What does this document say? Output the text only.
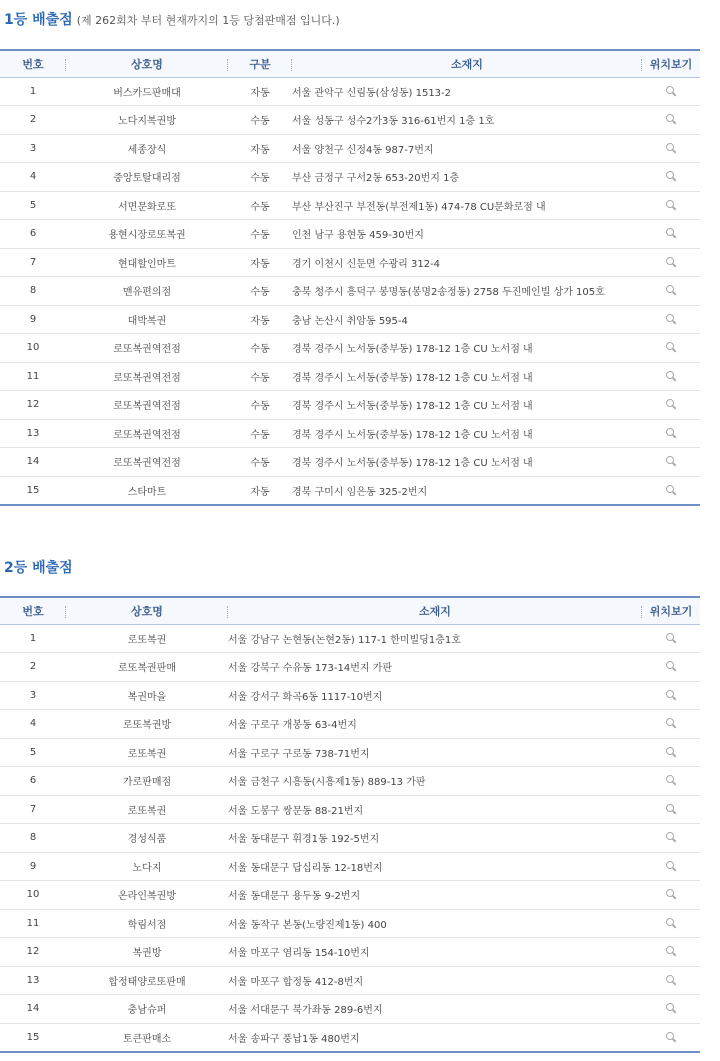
1등 배출점 (제 262회차 부터 현재까지의 1등 당첨판매점 입니다.)
번호	상호명	구분	소재지	위치보기
1	버스카드판매대	자동	서울 관악구 신림동(삼성동) 1513-2	

2	노다지복권방	수동	서울 성동구 성수2가3동 316-61번지 1층 1호	

3	세종장식	자동	서울 양천구 신정4동 987-7번지	

4	중앙토탈대리점	수동	부산 금정구 구서2동 653-20번지 1층	

5	서면문화로또	수동	부산 부산진구 부전동(부전제1동) 474-78 CU문화로점 내	

6	용현시장로또복권	수동	인천 남구 용현동 459-30번지	

7	현대할인마트	자동	경기 이천시 신둔면 수광리 312-4	

8	맨유편의점	수동	충북 청주시 흥덕구 봉명동(봉명2송정동) 2758 두진메인빌 상가 105호	

9	대박복권	자동	충남 논산시 취암동 595-4	

10	로또복권역전점	수동	경북 경주시 노서동(중부동) 178-12 1층 CU 노서점 내	

11	로또복권역전점	수동	경북 경주시 노서동(중부동) 178-12 1층 CU 노서점 내	

12	로또복권역전점	수동	경북 경주시 노서동(중부동) 178-12 1층 CU 노서점 내	

13	로또복권역전점	수동	경북 경주시 노서동(중부동) 178-12 1층 CU 노서점 내	

14	로또복권역전점	수동	경북 경주시 노서동(중부동) 178-12 1층 CU 노서점 내	

15	스타마트	자동	경북 구미시 임은동 325-2번지	
2등 배출점
번호	상호명	소재지	위치보기
1	로또복권	서울 강남구 논현동(논현2동) 117-1 한미빌딩1층1호	

2	로또복권판매	서울 강북구 수유동 173-14번지 가판	

3	복권마을	서울 강서구 화곡6동 1117-10번지	

4	로또복권방	서울 구로구 개봉동 63-4번지	

5	로또복권	서울 구로구 구로동 738-71번지	

6	가로판매점	서울 금천구 시흥동(시흥제1동) 889-13 가판	

7	로또복권	서울 도봉구 쌍문동 88-21번지	

8	경성식품	서울 동대문구 휘경1동 192-5번지	

9	노다지	서울 동대문구 답십리동 12-18번지	

10	온라인복권방	서울 동대문구 용두동 9-2번지	

11	학림서점	서울 동작구 본동(노량진제1동) 400	

12	복권방	서울 마포구 염리동 154-10번지	

13	합정태양로또판매	서울 마포구 합정동 412-8번지	

14	충남슈퍼	서울 서대문구 북가좌동 289-6번지	

15	토큰판매소	서울 송파구 풍납1동 480번지	
